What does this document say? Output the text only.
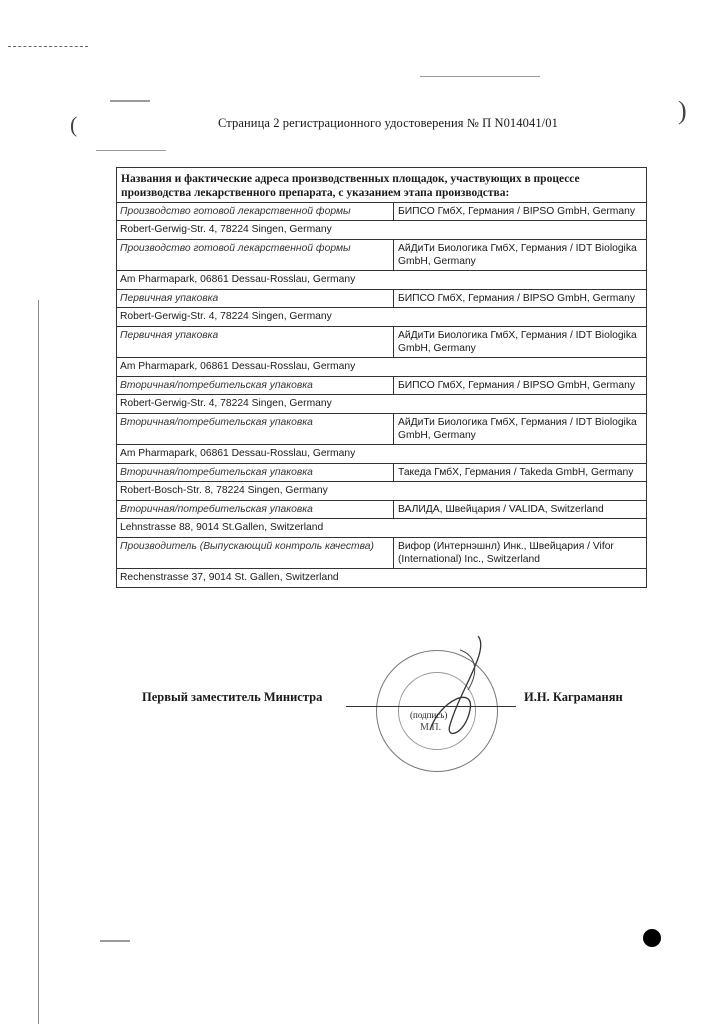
(	)
Страница 2 регистрационного удостоверения № П N014041/01
Названия и фактические адреса производственных площадок, участвующих в процессе производства лекарственного препарата, с указанием этапа производства:
Производство готовой лекарственной формы	БИПСО ГмбХ, Германия / BIPSO GmbH, Germany
Robert-Gerwig-Str. 4, 78224 Singen, Germany
Производство готовой лекарственной формы	АйДиТи Биологика ГмбХ, Германия / IDT Biologika GmbH, Germany
Am Pharmapark, 06861 Dessau-Rosslau, Germany
Первичная упаковка	БИПСО ГмбХ, Германия / BIPSO GmbH, Germany
Robert-Gerwig-Str. 4, 78224 Singen, Germany
Первичная упаковка	АйДиТи Биологика ГмбХ, Германия / IDT Biologika GmbH, Germany
Am Pharmapark, 06861 Dessau-Rosslau, Germany
Вторичная/потребительская упаковка	БИПСО ГмбХ, Германия / BIPSO GmbH, Germany
Robert-Gerwig-Str. 4, 78224 Singen, Germany
Вторичная/потребительская упаковка	АйДиТи Биологика ГмбХ, Германия / IDT Biologika GmbH, Germany
Am Pharmapark, 06861 Dessau-Rosslau, Germany
Вторичная/потребительская упаковка	Такеда ГмбХ, Германия / Takeda GmbH, Germany
Robert-Bosch-Str. 8, 78224 Singen, Germany
Вторичная/потребительская упаковка	ВАЛИДА, Швейцария / VALIDA, Switzerland
Lehnstrasse 88, 9014 St.Gallen, Switzerland
Производитель (Выпускающий контроль качества)	Вифор (Интернэшнл) Инк., Швейцария / Vifor (International) Inc., Switzerland
Rechenstrasse 37, 9014 St. Gallen, Switzerland
Первый заместитель Министра
(подпись)
М.П.
И.Н. Каграманян
